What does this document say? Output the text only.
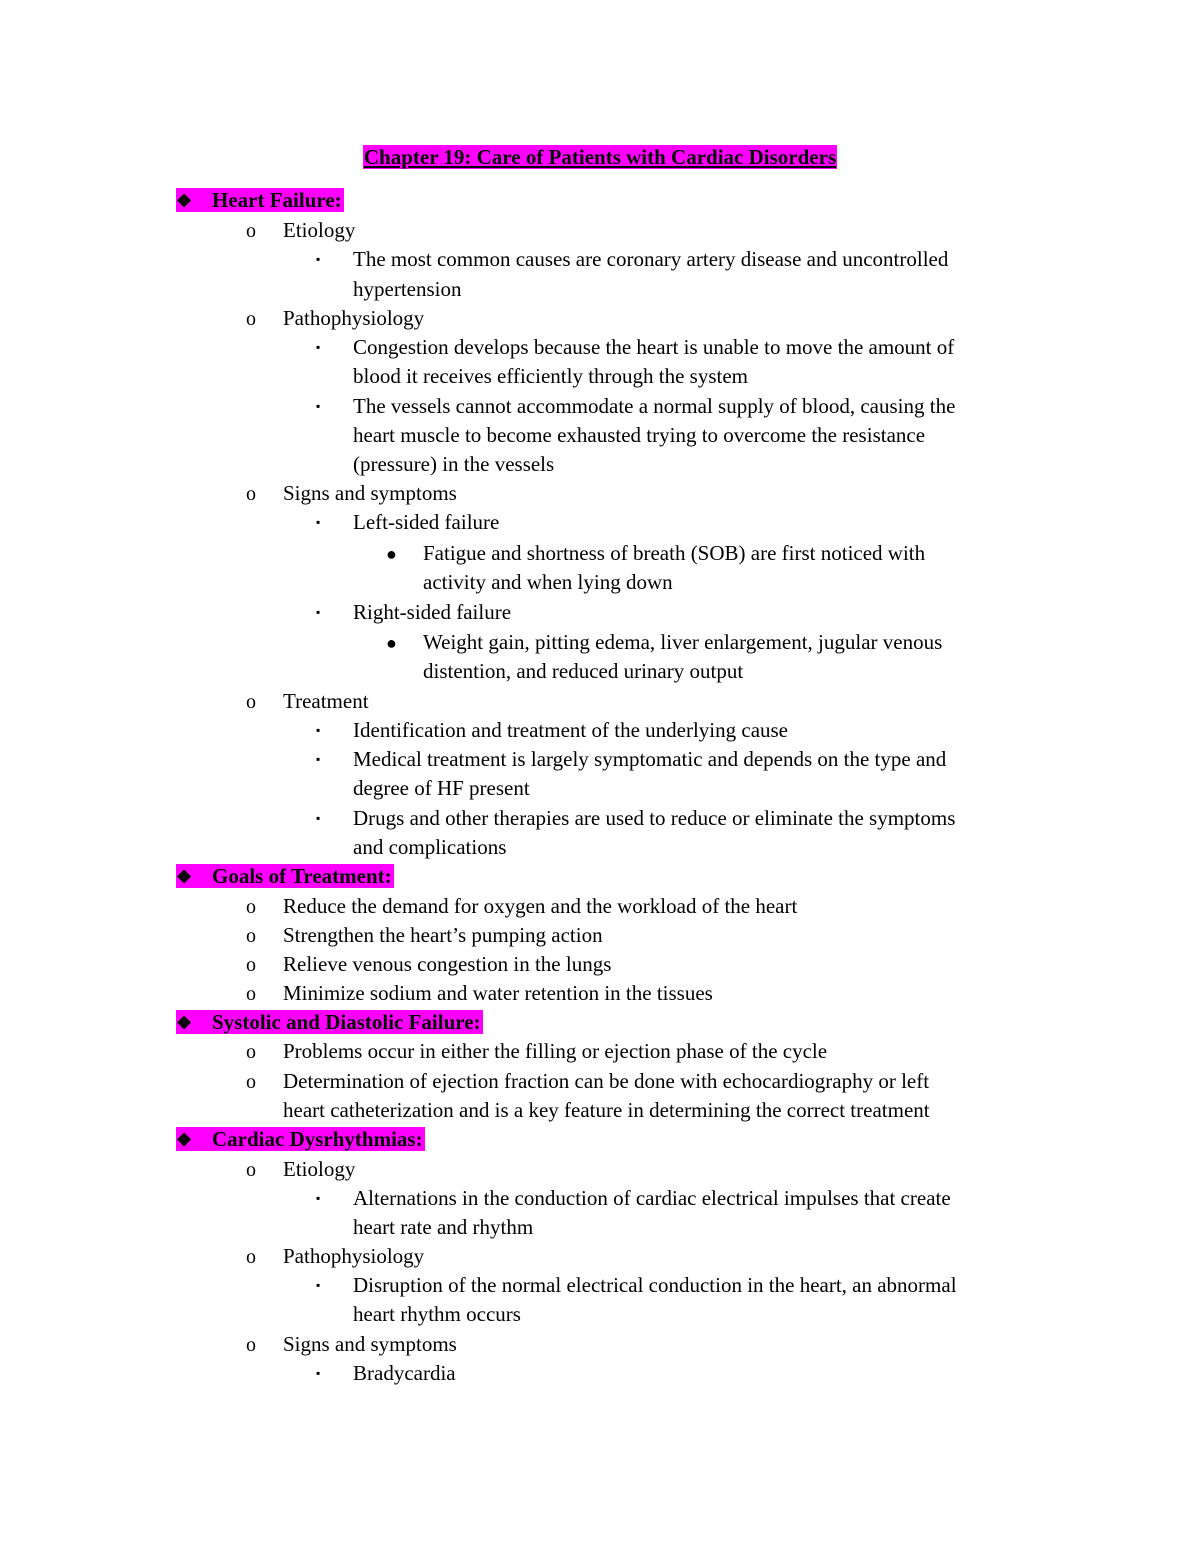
Chapter 19: Care of Patients with Cardiac Disorders
❖ Heart Failure:
o Etiology
▪ The most common causes are coronary artery disease and uncontrolled
hypertension
o Pathophysiology
▪ Congestion develops because the heart is unable to move the amount of
blood it receives efficiently through the system
▪ The vessels cannot accommodate a normal supply of blood, causing the
heart muscle to become exhausted trying to overcome the resistance
(pressure) in the vessels
o Signs and symptoms
▪ Left-sided failure
● Fatigue and shortness of breath (SOB) are first noticed with
activity and when lying down
▪ Right-sided failure
● Weight gain, pitting edema, liver enlargement, jugular venous
distention, and reduced urinary output
o Treatment
▪ Identification and treatment of the underlying cause
▪ Medical treatment is largely symptomatic and depends on the type and
degree of HF present
▪ Drugs and other therapies are used to reduce or eliminate the symptoms
and complications
❖ Goals of Treatment:
o Reduce the demand for oxygen and the workload of the heart
o Strengthen the heart’s pumping action
o Relieve venous congestion in the lungs
o Minimize sodium and water retention in the tissues
❖ Systolic and Diastolic Failure:
o Problems occur in either the filling or ejection phase of the cycle
o Determination of ejection fraction can be done with echocardiography or left
heart catheterization and is a key feature in determining the correct treatment
❖ Cardiac Dysrhythmias:
o Etiology
▪ Alternations in the conduction of cardiac electrical impulses that create
heart rate and rhythm
o Pathophysiology
▪ Disruption of the normal electrical conduction in the heart, an abnormal
heart rhythm occurs
o Signs and symptoms
▪ Bradycardia
